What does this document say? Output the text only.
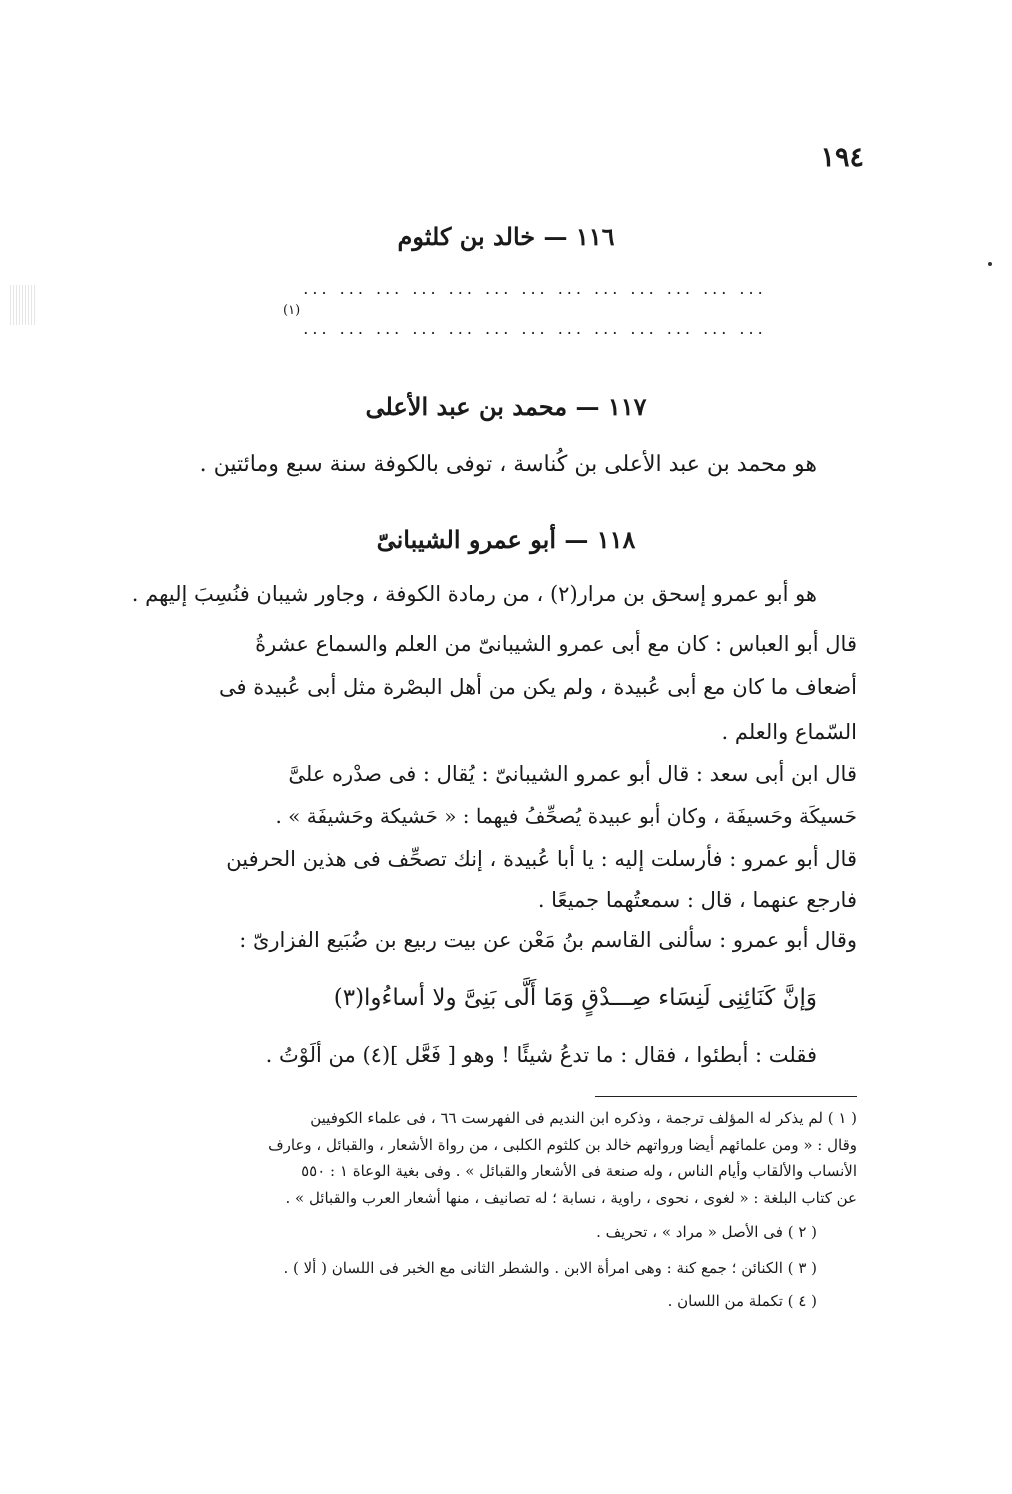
١٩٤
١١٦ — خالد بن كلثوم
... ... ... ... ... ... ... ... ... ... ... ... ...
(١)
... ... ... ... ... ... ... ... ... ... ... ... ...
١١٧ — محمد بن عبد الأعلى
هو محمد بن عبد الأعلى بن كُناسة ، توفى بالكوفة سنة سبع ومائتين .
١١٨ — أبو عمرو الشيبانىّ
هو أبو عمرو إسحق بن مرار(٢) ، من رمادة الكوفة ، وجاور شيبان فنُسِبَ إليهم .
قال أبو العباس : كان مع أبى عمرو الشيبانىّ من العلم والسماع عشرةُ
أضعاف ما كان مع أبى عُبيدة ، ولم يكن من أهل البصْرة مثل أبى عُبيدة فى
السّماع والعلم .
قال ابن أبى سعد : قال أبو عمرو الشيبانىّ : يُقال : فى صدْره علىَّ
حَسيكَة وحَسيفَة ، وكان أبو عبيدة يُصحِّفُ فيهما : « حَشيكة وحَشيفَة » .
قال أبو عمرو : فأرسلت إليه : يا أبا عُبيدة ، إنك تصحِّف فى هذين الحرفين
فارجع عنهما ، قال : سمعتُهما جميعًا .
وقال أبو عمرو : سألنى القاسم بنُ مَعْن عن بيت ربيع بن ضُبَيع الفزارىّ :
وَإنَّ كَنَائِنِى لَنِسَاء صِـــدْقٍ وَمَا أَلَّى بَنِىَّ ولا أساءُوا(٣)
فقلت : أبطئوا ، فقال : ما تدعُ شيئًا ! وهو [ فَعَّل ](٤) من ألَوْتُ .
( ١ ) لم يذكر له المؤلف ترجمة ، وذكره ابن النديم فى الفهرست ٦٦ ، فى علماء الكوفيين
وقال : « ومن علمائهم أيضا ورواتهم خالد بن كلثوم الكلبى ، من رواة الأشعار ، والقبائل ، وعارف
الأنساب والألقاب وأيام الناس ، وله صنعة فى الأشعار والقبائل » . وفى بغية الوعاة ١ : ٥٥٠
عن كتاب البلغة : « لغوى ، نحوى ، راوية ، نسابة ؛ له تصانيف ، منها أشعار العرب والقبائل » .
( ٢ ) فى الأصل « مراد » ، تحريف .
( ٣ ) الكنائن ؛ جمع كنة : وهى امرأة الابن . والشطر الثانى مع الخبر فى اللسان ( ألا ) .
( ٤ ) تكملة من اللسان .
